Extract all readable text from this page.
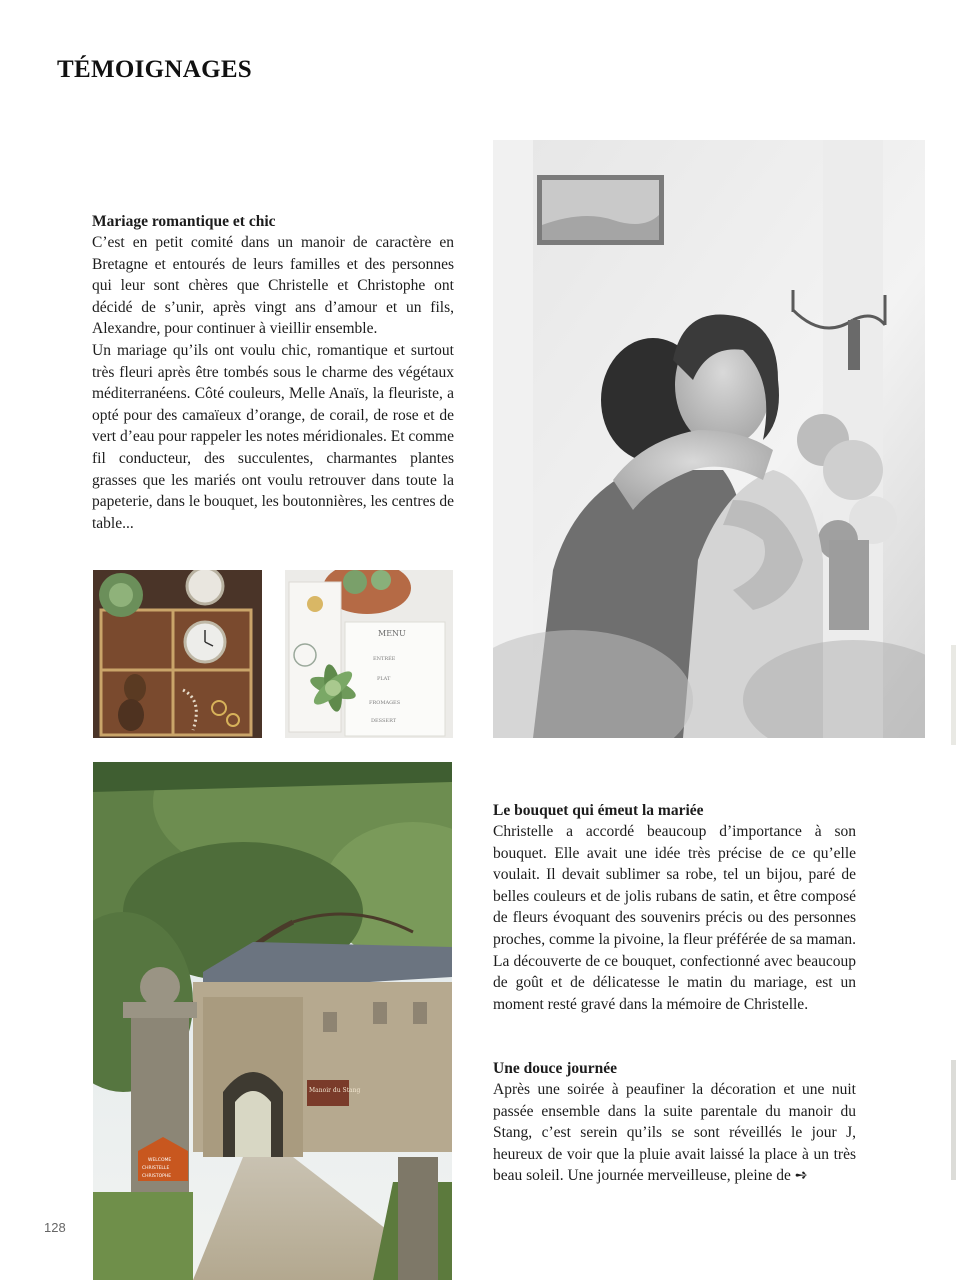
TÉMOIGNAGES
Mariage romantique et chic

C’est en petit comité dans un manoir de caractère en Bretagne et entourés de leurs familles et des personnes qui leur sont chères que Christelle et Christophe ont décidé de s’unir, après vingt ans d’amour et un fils, Alexandre, pour continuer à vieillir ensemble.

Un mariage qu’ils ont voulu chic, romantique et surtout très fleuri après être tombés sous le charme des végétaux méditerranéens. Côté couleurs, Melle Anaïs, la fleuriste, a opté pour des camaïeux d’orange, de corail, de rose et de vert d’eau pour rappeler les notes méridionales. Et comme fil conducteur, des succulentes, charmantes plantes grasses que les mariés ont voulu retrouver dans toute la papeterie, dans le bouquet, les boutonnières, les centres de table...

MENU
ENTRÉE
PLAT
FROMAGES
DESSERT
Manoir du Stang
WELCOME
CHRISTELLE
CHRISTOPHE
Le bouquet qui émeut la mariée

Christelle a accordé beaucoup d’importance à son bouquet. Elle avait une idée très précise de ce qu’elle voulait. Il devait sublimer sa robe, tel un bijou, paré de belles couleurs et de jolis rubans de satin, et être composé de fleurs évoquant des souvenirs précis ou des personnes proches, comme la pivoine, la fleur préférée de sa maman. La découverte de ce bouquet, confectionné avec beaucoup de goût et de délicatesse le matin du mariage, est un moment resté gravé dans la mémoire de Christelle.

Une douce journée

Après une soirée à peaufiner la décoration et une nuit passée ensemble dans la suite parentale du manoir du Stang, c’est serein qu’ils se sont réveillés le jour J, heureux de voir que la pluie avait laissé la place à un très beau soleil. Une journée merveilleuse, pleine de ➺

128
